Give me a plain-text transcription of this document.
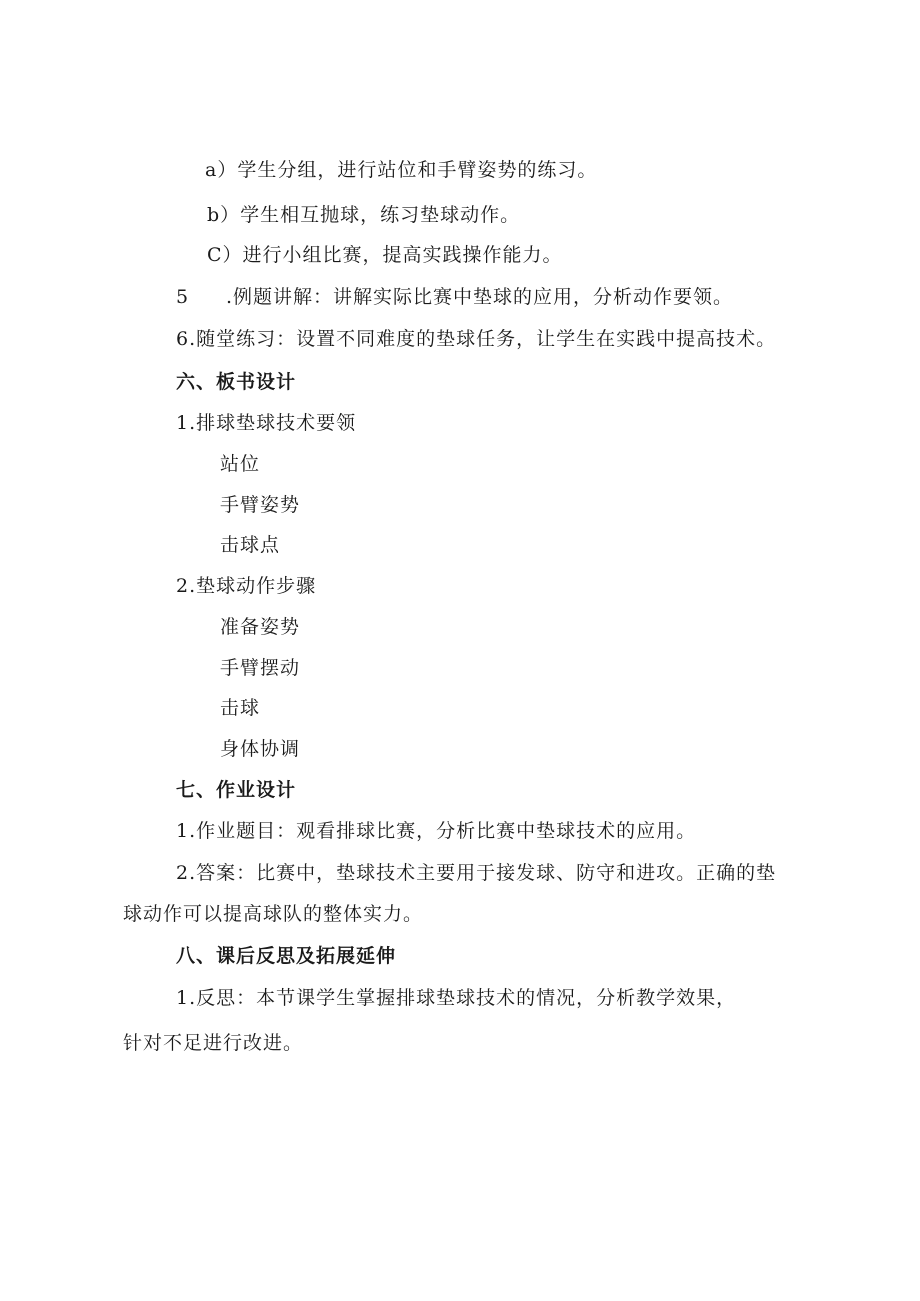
a）学生分组，进行站位和手臂姿势的练习。
b）学生相互抛球，练习垫球动作。
C）进行小组比赛，提高实践操作能力。
5 .例题讲解：讲解实际比赛中垫球的应用，分析动作要领。
6.随堂练习：设置不同难度的垫球任务，让学生在实践中提高技术。
六、板书设计
1.排球垫球技术要领
站位
手臂姿势
击球点
2.垫球动作步骤
准备姿势
手臂摆动
击球
身体协调
七、作业设计
1.作业题目：观看排球比赛，分析比赛中垫球技术的应用。
2.答案：比赛中，垫球技术主要用于接发球、防守和进攻。正确的垫
球动作可以提高球队的整体实力。
八、课后反思及拓展延伸
1.反思：本节课学生掌握排球垫球技术的情况，分析教学效果，
针对不足进行改进。
